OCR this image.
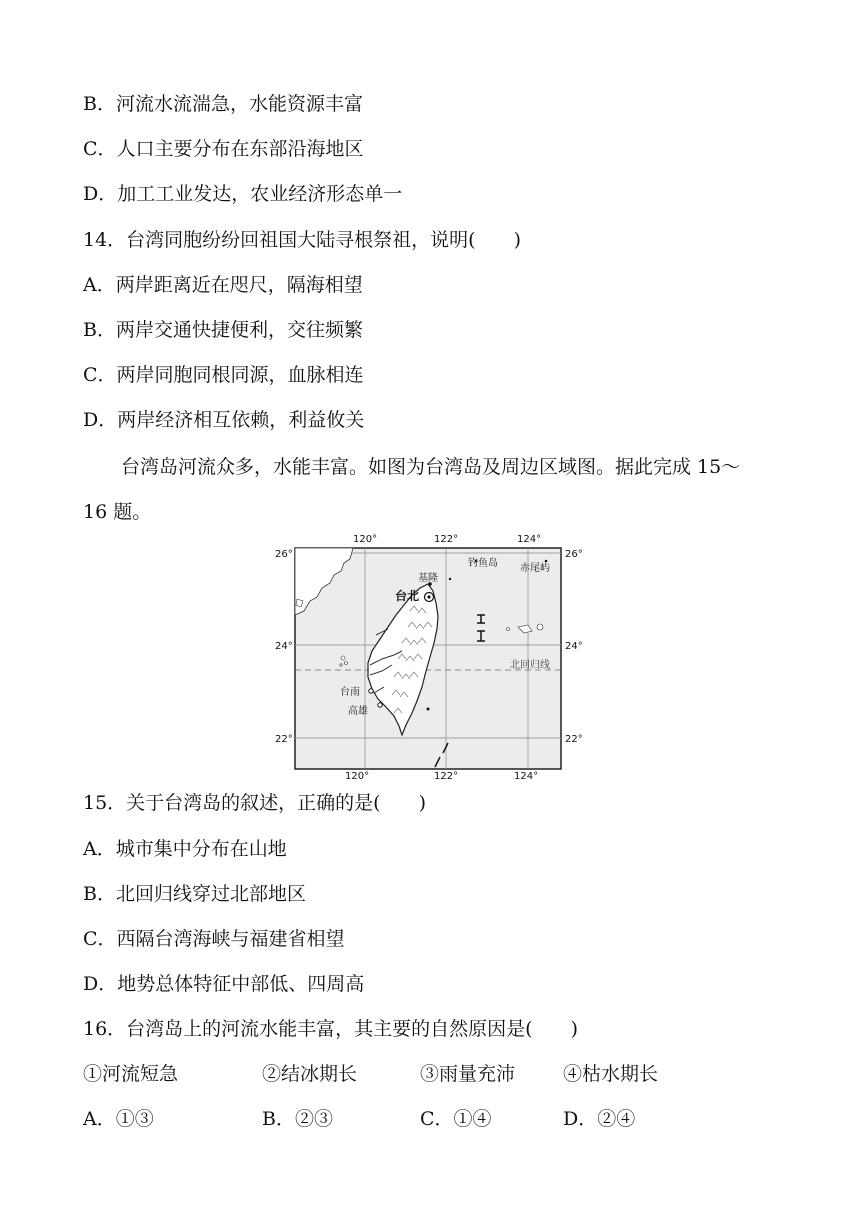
B．河流水流湍急，水能资源丰富
C．人口主要分布在东部沿海地区
D．加工工业发达，农业经济形态单一
14．台湾同胞纷纷回祖国大陆寻根祭祖，说明(　　)
A．两岸距离近在咫尺，隔海相望
B．两岸交通快捷便利，交往频繁
C．两岸同胞同根同源，血脉相连
D．两岸经济相互依赖，利益攸关
台湾岛河流众多，水能丰富。如图为台湾岛及周边区域图。据此完成 15～
16 题。
120°	122°	124°
120°	122°	124°
26°
24°
22°
26°
24°
22°
台北
基隆
台南
高雄
钓鱼岛 赤尾屿
北回归线
15．关于台湾岛的叙述，正确的是(　　)
A．城市集中分布在山地
B．北回归线穿过北部地区
C．西隔台湾海峡与福建省相望
D．地势总体特征中部低、四周高
16．台湾岛上的河流水能丰富，其主要的自然原因是(　　)
①河流短急	②结冰期长	③雨量充沛	④枯水期长
A．①③	B．②③	C．①④	D．②④
